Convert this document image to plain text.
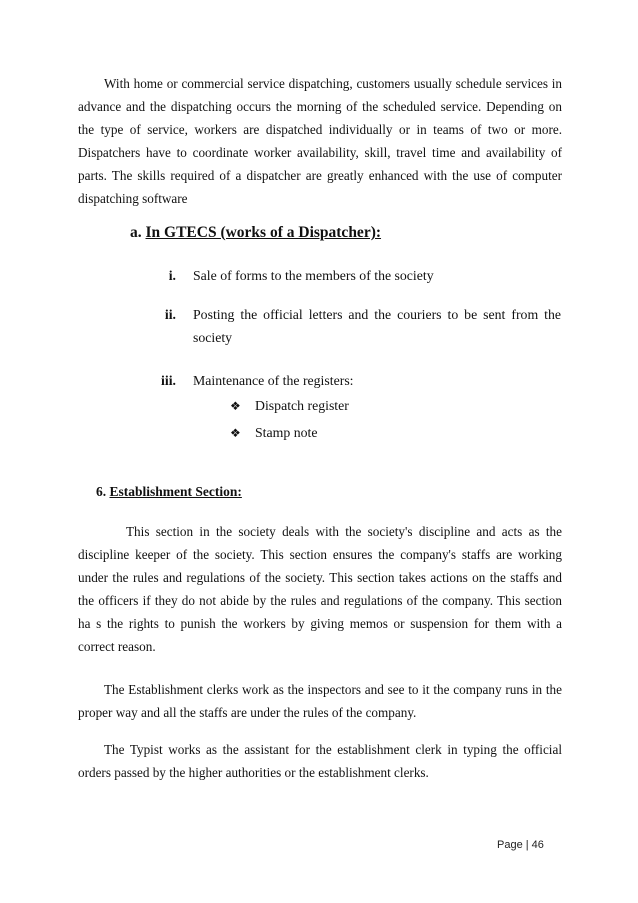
With home or commercial service dispatching, customers usually schedule services in advance and the dispatching occurs the morning of the scheduled service. Depending on the type of service, workers are dispatched individually or in teams of two or more. Dispatchers have to coordinate worker availability, skill, travel time and availability of parts. The skills required of a dispatcher are greatly enhanced with the use of computer dispatching software

a. In GTECS (works of a Dispatcher):
i. Sale of forms to the members of the society
ii. Posting the official letters and the couriers to be sent from the society
iii. Maintenance of the registers:
❖ Dispatch register
❖ Stamp note
6. Establishment Section:

This section in the society deals with the society's discipline and acts as the discipline keeper of the society. This section ensures the company's staffs are working under the rules and regulations of the society. This section takes actions on the staffs and the officers if they do not abide by the rules and regulations of the company. This section ha s the rights to punish the workers by giving memos or suspension for them with a correct reason.

The Establishment clerks work as the inspectors and see to it the company runs in the proper way and all the staffs are under the rules of the company.

The Typist works as the assistant for the establishment clerk in typing the official orders passed by the higher authorities or the establishment clerks.

Page | 46
